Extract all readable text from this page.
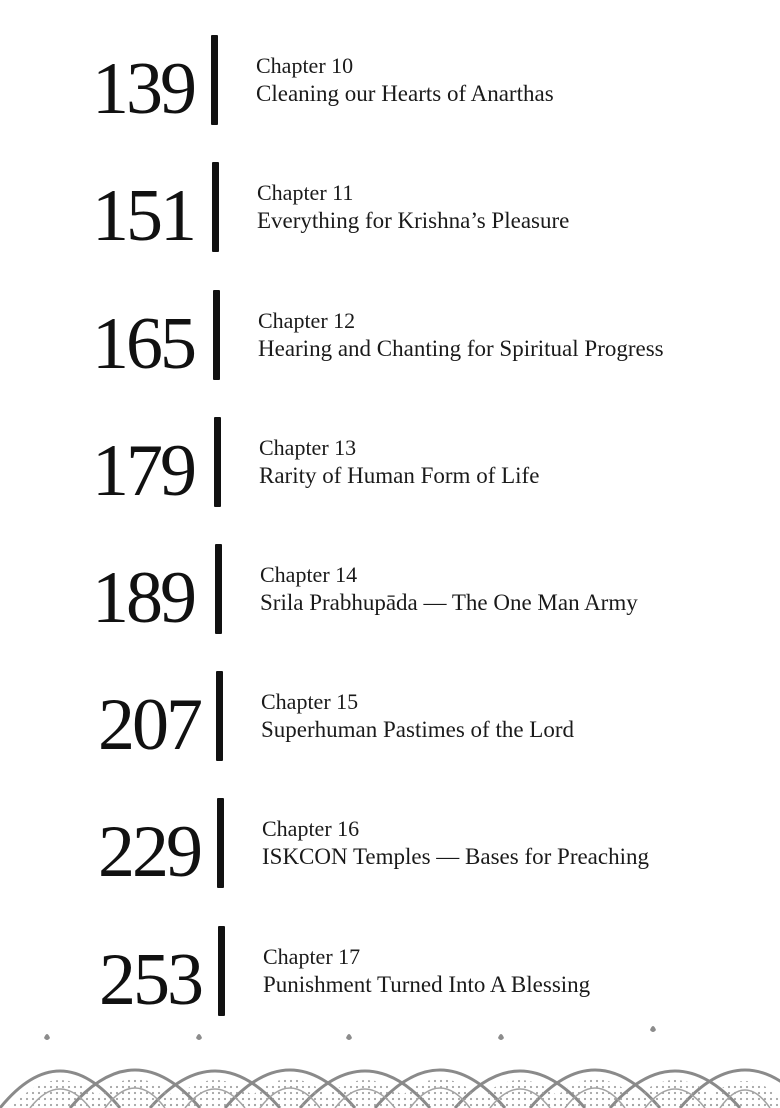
139	Chapter 10
Cleaning our Hearts of Anarthas
151	Chapter 11
Everything for Krishna’s Pleasure
165	Chapter 12
Hearing and Chanting for Spiritual Progress
179	Chapter 13
Rarity of Human Form of Life
189	Chapter 14
Srila Prabhupāda — The One Man Army
207	Chapter 15
Superhuman Pastimes of the Lord
229	Chapter 16
ISKCON Temples — Bases for Preaching
253	Chapter 17
Punishment Turned Into A Blessing
